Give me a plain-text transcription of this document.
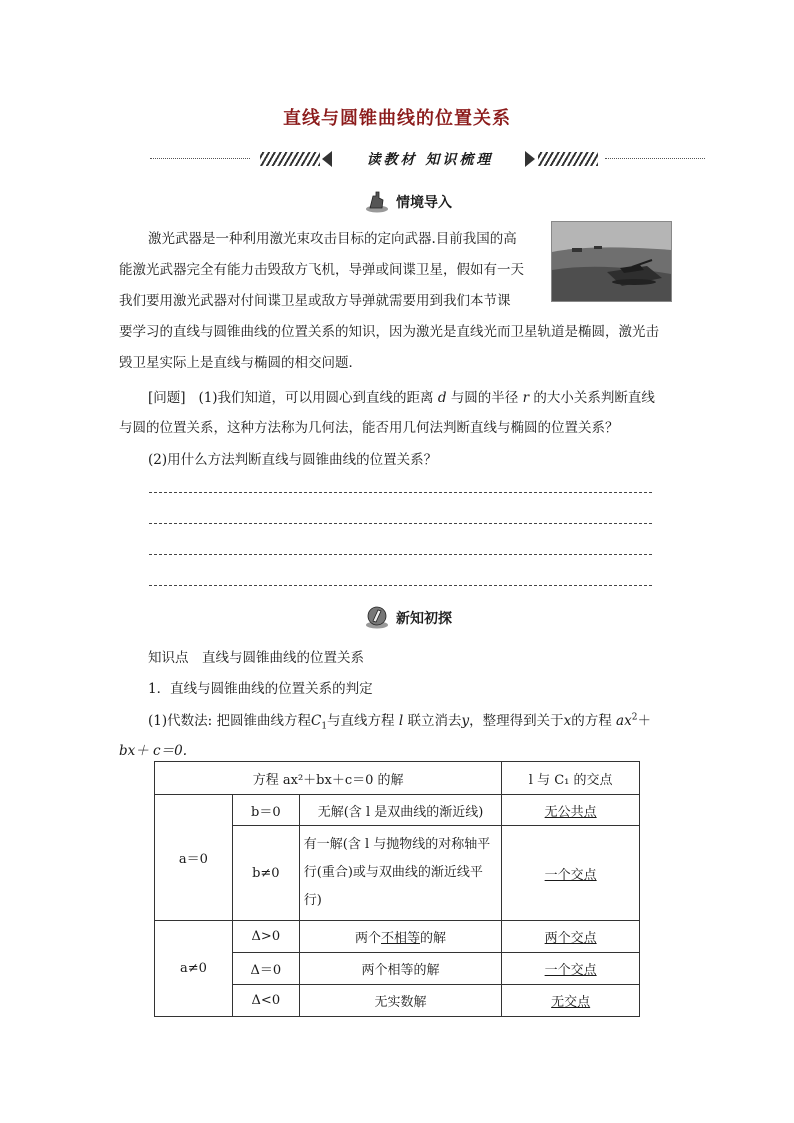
直线与圆锥曲线的位置关系
读教材 知识梳理
情境导入
激光武器是一种利用激光束攻击目标的定向武器.目前我国的高
能激光武器完全有能力击毁敌方飞机，导弹或间谍卫星，假如有一天
我们要用激光武器对付间谍卫星或敌方导弹就需要用到我们本节课
要学习的直线与圆锥曲线的位置关系的知识，因为激光是直线光而卫星轨道是椭圆，激光击
毁卫星实际上是直线与椭圆的相交问题．
[问题] (1)我们知道，可以用圆心到直线的距离 d 与圆的半径 r 的大小关系判断直线
与圆的位置关系，这种方法称为几何法，能否用几何法判断直线与椭圆的位置关系？
(2)用什么方法判断直线与圆锥曲线的位置关系？
新知初探
知识点　直线与圆锥曲线的位置关系
1．直线与圆锥曲线的位置关系的判定
(1)代数法: 把圆锥曲线方程$C_1$与直线方程 l 联立消去y，整理得到关于x的方程 $ax^2+$
bx＋ c＝0.
方程 ax²＋bx＋c＝0 的解			l 与 C₁ 的交点
a＝0	b＝0	无解(含 l 是双曲线的渐近线)	无公共点
	b≠0	有一解(含 l 与抛物线的对称轴平行(重合)或与双曲线的渐近线平行)	一个交点
a≠0	Δ>0	两个不相等的解	两个交点
	Δ＝0	两个相等的解	一个交点
	Δ<0	无实数解	无交点
